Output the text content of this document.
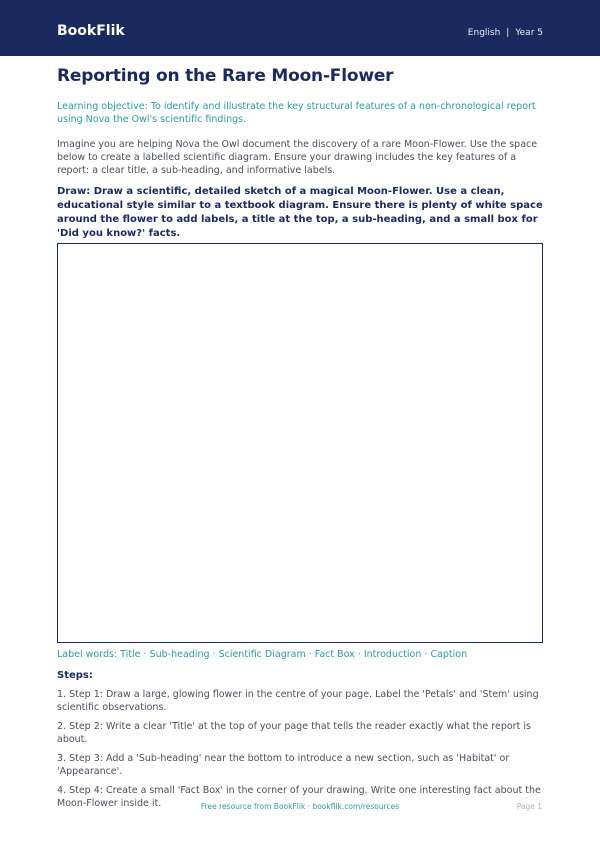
BookFlik	English | Year 5
Reporting on the Rare Moon-Flower

Learning objective: To identify and illustrate the key structural features of a non-chronological report using Nova the Owl's scientific findings.

Imagine you are helping Nova the Owl document the discovery of a rare Moon-Flower. Use the space below to create a labelled scientific diagram. Ensure your drawing includes the key features of a report: a clear title, a sub-heading, and informative labels.

Draw: Draw a scientific, detailed sketch of a magical Moon-Flower. Use a clean, educational style similar to a textbook diagram. Ensure there is plenty of white space around the flower to add labels, a title at the top, a sub-heading, and a small box for 'Did you know?' facts.

Label words: Title · Sub-heading · Scientific Diagram · Fact Box · Introduction · Caption

Steps:

1. Step 1: Draw a large, glowing flower in the centre of your page. Label the 'Petals' and 'Stem' using scientific observations.

2. Step 2: Write a clear 'Title' at the top of your page that tells the reader exactly what the report is about.

3. Step 3: Add a 'Sub-heading' near the bottom to introduce a new section, such as 'Habitat' or 'Appearance'.

4. Step 4: Create a small 'Fact Box' in the corner of your drawing. Write one interesting fact about the Moon-Flower inside it.	Free resource from BookFlik · bookflik.com/resources	Page 1
